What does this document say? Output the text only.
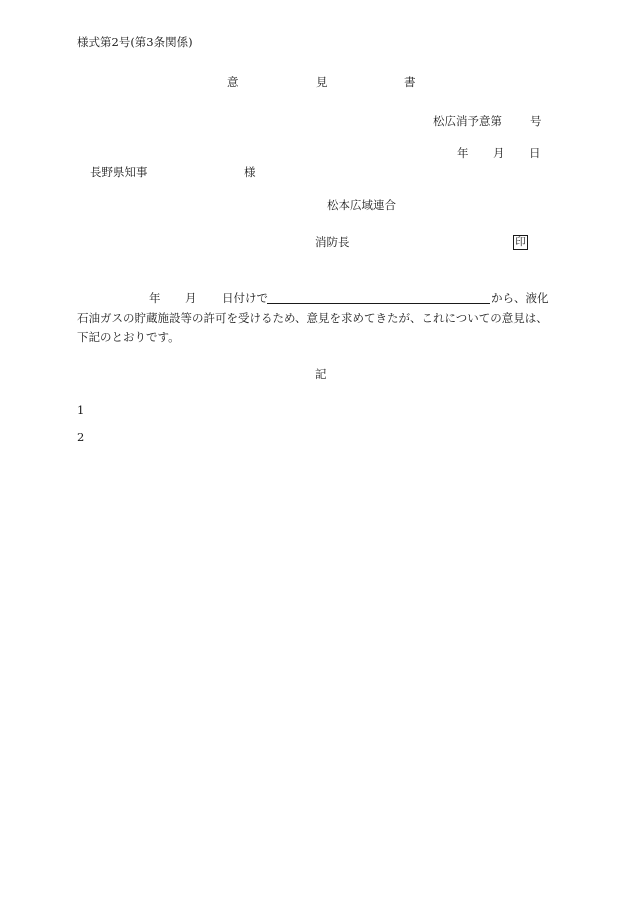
様式第2号(第3条関係)
意	見	書
松広消予意第 号
年 月 日
長野県知事	様
松本広域連合
消防長	印
年 月 日付けで	から、液化
石油ガスの貯蔵施設等の許可を受けるため、意見を求めてきたが、これについての意見は、
下記のとおりです。
記
1
2
